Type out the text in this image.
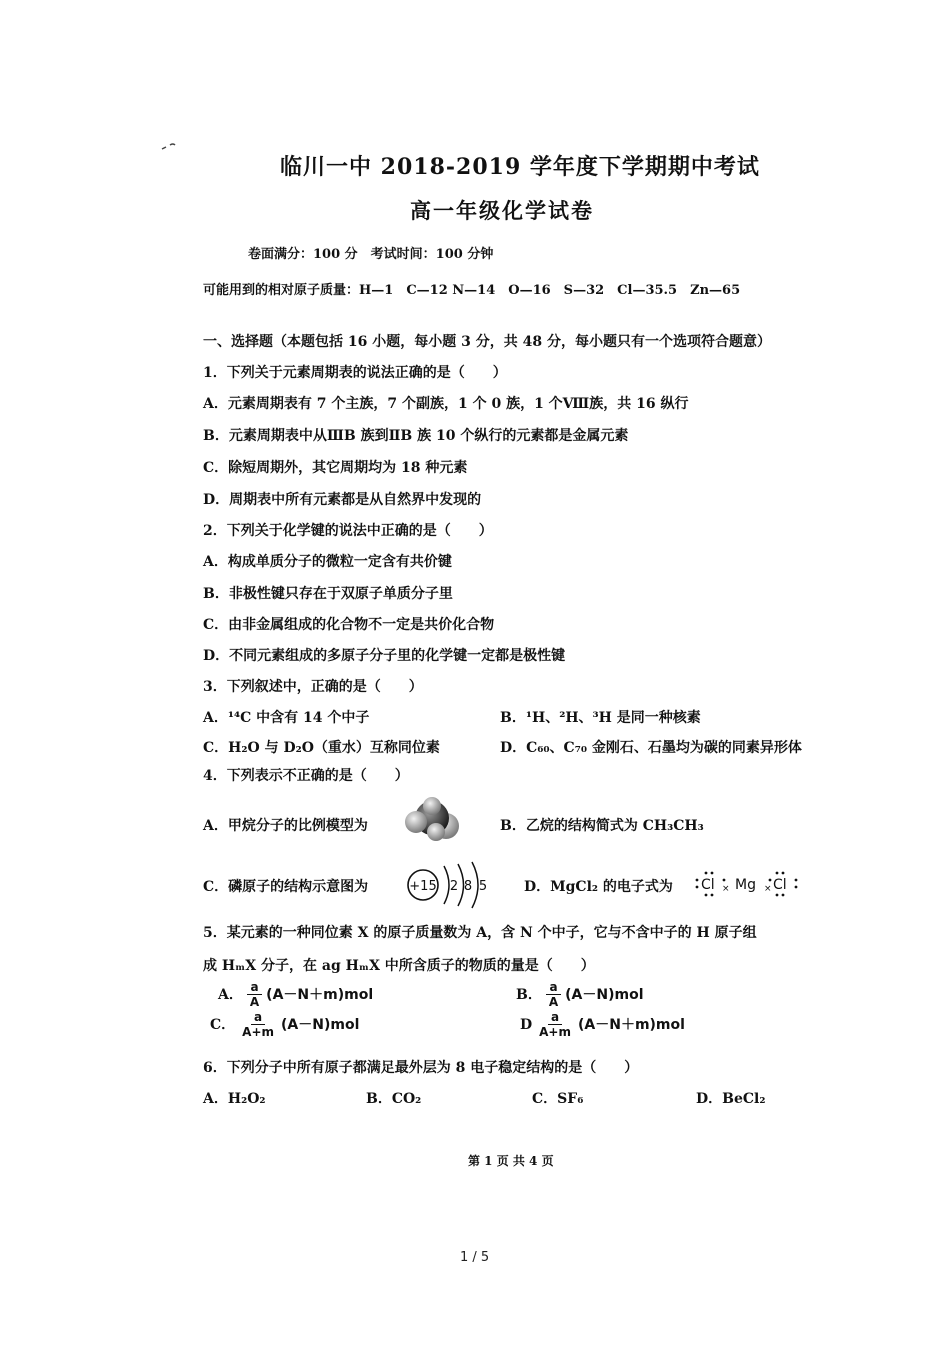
临川一中 2018-2019 学年度下学期期中考试
高一年级化学试卷
卷面满分：100 分　考试时间：100 分钟
可能用到的相对原子质量：H—1　C—12 N—14　O—16　S—32　Cl—35.5　Zn—65
一、选择题（本题包括 16 小题，每小题 3 分，共 48 分，每小题只有一个选项符合题意）
1．下列关于元素周期表的说法正确的是（　　）
A．元素周期表有 7 个主族，7 个副族，1 个 0 族，1 个Ⅷ族，共 16 纵行
B．元素周期表中从ⅢB 族到ⅡB 族 10 个纵行的元素都是金属元素
C．除短周期外，其它周期均为 18 种元素
D．周期表中所有元素都是从自然界中发现的
2．下列关于化学键的说法中正确的是（　　）
A．构成单质分子的微粒一定含有共价键
B．非极性键只存在于双原子单质分子里
C．由非金属组成的化合物不一定是共价化合物
D．不同元素组成的多原子分子里的化学键一定都是极性键
3．下列叙述中，正确的是（　　）
A．¹⁴C 中含有 14 个中子	B．¹H、²H、³H 是同一种核素
C．H₂O 与 D₂O（重水）互称同位素	D．C₆₀、C₇₀ 金刚石、石墨均为碳的同素异形体
4．下列表示不正确的是（　　）
A．甲烷分子的比例模型为	B．乙烷的结构简式为 CH₃CH₃
C．磷原子的结构示意图为	+15 2 8 5	D．MgCl₂ 的电子式为 Cl × Mg × Cl
5．某元素的一种同位素 X 的原子质量数为 A，含 N 个中子，它与不含中子的 H 原子组
成 HₘX 分子，在 ag HₘX 中所含质子的物质的量是（　　）
A． $\frac{a}{A} (A-N+m)mol$	B． $\frac{a}{A} (A-N)mol$
C． $\frac{a}{A+m} (A-N)mol$	D $\frac{a}{A+m} (A-N+m)mol$
6．下列分子中所有原子都满足最外层为 8 电子稳定结构的是（　　）
A．H₂O₂	B．CO₂	C．SF₆	D．BeCl₂
第 1 页 共 4 页
1 / 5
